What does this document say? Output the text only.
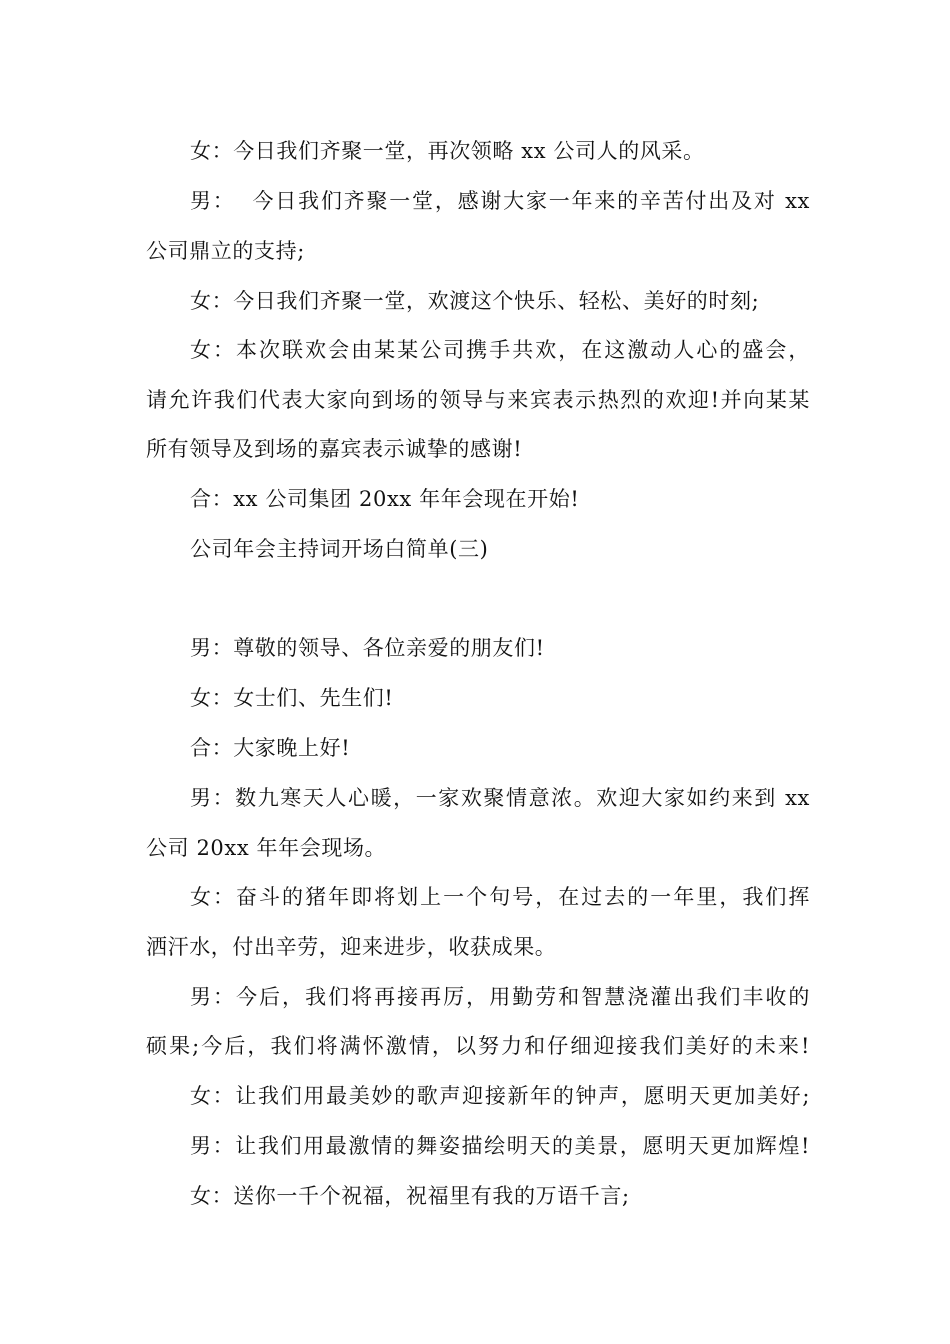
女：今日我们齐聚一堂，再次领略 xx 公司人的风采。
男：  今日我们齐聚一堂，感谢大家一年来的辛苦付出及对 xx
公司鼎立的支持;
女：今日我们齐聚一堂，欢渡这个快乐、轻松、美好的时刻;
女：本次联欢会由某某公司携手共欢，在这激动人心的盛会，
请允许我们代表大家向到场的领导与来宾表示热烈的欢迎!并向某某
所有领导及到场的嘉宾表示诚挚的感谢!
合：xx 公司集团 20xx 年年会现在开始!
公司年会主持词开场白简单(三)
男：尊敬的领导、各位亲爱的朋友们!
女：女士们、先生们!
合：大家晚上好!
男：数九寒天人心暖，一家欢聚情意浓。欢迎大家如约来到 xx
公司 20xx 年年会现场。
女：奋斗的猪年即将划上一个句号，在过去的一年里，我们挥
洒汗水，付出辛劳，迎来进步，收获成果。
男：今后，我们将再接再厉，用勤劳和智慧浇灌出我们丰收的
硕果;今后，我们将满怀激情，以努力和仔细迎接我们美好的未来!
女：让我们用最美妙的歌声迎接新年的钟声，愿明天更加美好;
男：让我们用最激情的舞姿描绘明天的美景，愿明天更加辉煌!
女：送你一千个祝福，祝福里有我的万语千言;
